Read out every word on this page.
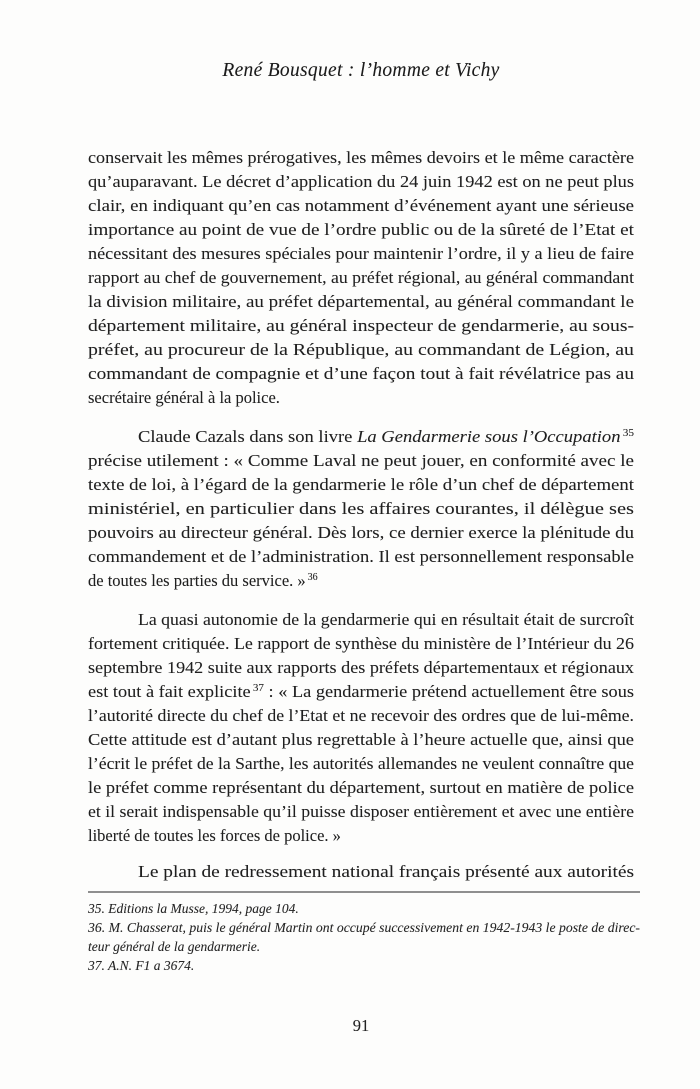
René Bousquet : l’homme et Vichy
conservait les mêmes prérogatives, les mêmes devoirs et le même caractère
qu’auparavant. Le décret d’application du 24 juin 1942 est on ne peut plus
clair, en indiquant qu’en cas notamment d’événement ayant une sérieuse
importance au point de vue de l’ordre public ou de la sûreté de l’Etat et
nécessitant des mesures spéciales pour maintenir l’ordre, il y a lieu de faire
rapport au chef de gouvernement, au préfet régional, au général commandant
la division militaire, au préfet départemental, au général commandant le
département militaire, au général inspecteur de gendarmerie, au sous-
préfet, au procureur de la République, au commandant de Légion, au
commandant de compagnie et d’une façon tout à fait révélatrice pas au
secrétaire général à la police.
Claude Cazals dans son livre La Gendarmerie sous l’Occupation $^{35}$
précise utilement : « Comme Laval ne peut jouer, en conformité avec le
texte de loi, à l’égard de la gendarmerie le rôle d’un chef de département
ministériel, en particulier dans les affaires courantes, il délègue ses
pouvoirs au directeur général. Dès lors, ce dernier exerce la plénitude du
commandement et de l’administration. Il est personnellement responsable
de toutes les parties du service. » $^{36}$
La quasi autonomie de la gendarmerie qui en résultait était de surcroît
fortement critiquée. Le rapport de synthèse du ministère de l’Intérieur du 26
septembre 1942 suite aux rapports des préfets départementaux et régionaux
est tout à fait explicite $^{37}$ : « La gendarmerie prétend actuellement être sous
l’autorité directe du chef de l’Etat et ne recevoir des ordres que de lui-même.
Cette attitude est d’autant plus regrettable à l’heure actuelle que, ainsi que
l’écrit le préfet de la Sarthe, les autorités allemandes ne veulent connaître que
le préfet comme représentant du département, surtout en matière de police
et il serait indispensable qu’il puisse disposer entièrement et avec une entière
liberté de toutes les forces de police. »
Le plan de redressement national français présenté aux autorités
35. Editions la Musse, 1994, page 104.
36. M. Chasserat, puis le général Martin ont occupé successivement en 1942-1943 le poste de direc-
teur général de la gendarmerie.
37. A.N. F1 a 3674.
91
